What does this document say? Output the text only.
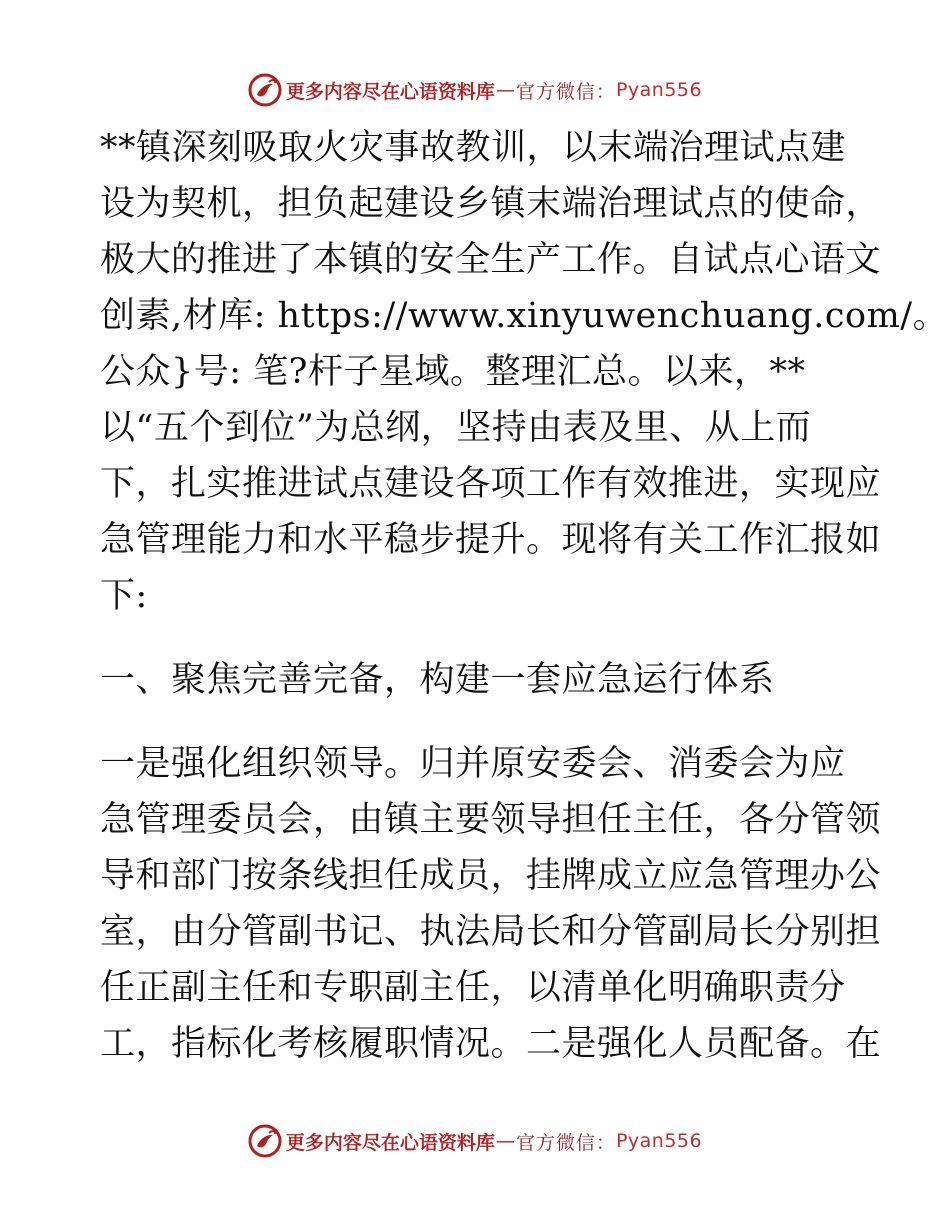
更多内容尽在心语资料库 — 官方微信： Pyan556
**镇深刻吸取火灾事故教训，以末端治理试点建
设为契机，担负起建设乡镇末端治理试点的使命，
极大的推进了本镇的安全生产工作。自试点心语文
创素,材库: https://www.xinyuwenchuang.com/。
公众}号: 笔?杆子星域。整理汇总。以来，**
以“五个到位”为总纲，坚持由表及里、从上而
下，扎实推进试点建设各项工作有效推进，实现应
急管理能力和水平稳步提升。现将有关工作汇报如
下:
一、聚焦完善完备，构建一套应急运行体系
一是强化组织领导。归并原安委会、消委会为应
急管理委员会，由镇主要领导担任主任，各分管领
导和部门按条线担任成员，挂牌成立应急管理办公
室，由分管副书记、执法局长和分管副局长分别担
任正副主任和专职副主任，以清单化明确职责分
工，指标化考核履职情况。二是强化人员配备。在
更多内容尽在心语资料库 — 官方微信： Pyan556
